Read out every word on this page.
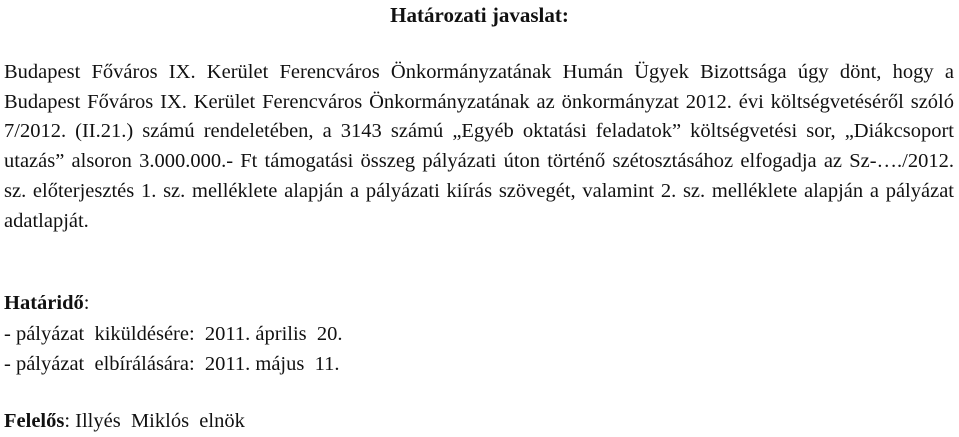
Határozati javaslat:
Budapest Főváros IX. Kerület Ferencváros Önkormányzatának Humán Ügyek Bizottsága úgy dönt, hogy a Budapest Főváros IX. Kerület Ferencváros Önkormányzatának az önkormányzat 2012. évi költségvetéséről szóló 7/2012. (II.21.) számú rendeletében, a 3143 számú „Egyéb oktatási feladatok” költségvetési sor, „Diákcsoport utazás” alsoron 3.000.000.- Ft támogatási összeg pályázati úton történő szétosztásához elfogadja az Sz-…./2012. sz. előterjesztés 1. sz. melléklete alapján a pályázati kiírás szövegét, valamint 2. sz. melléklete alapján a pályázat adatlapját.
Határidő:
- pályázat  kiküldésére:  2011. április  20.
- pályázat  elbírálására:  2011. május  11.
Felelős: Illyés  Miklós  elnök
